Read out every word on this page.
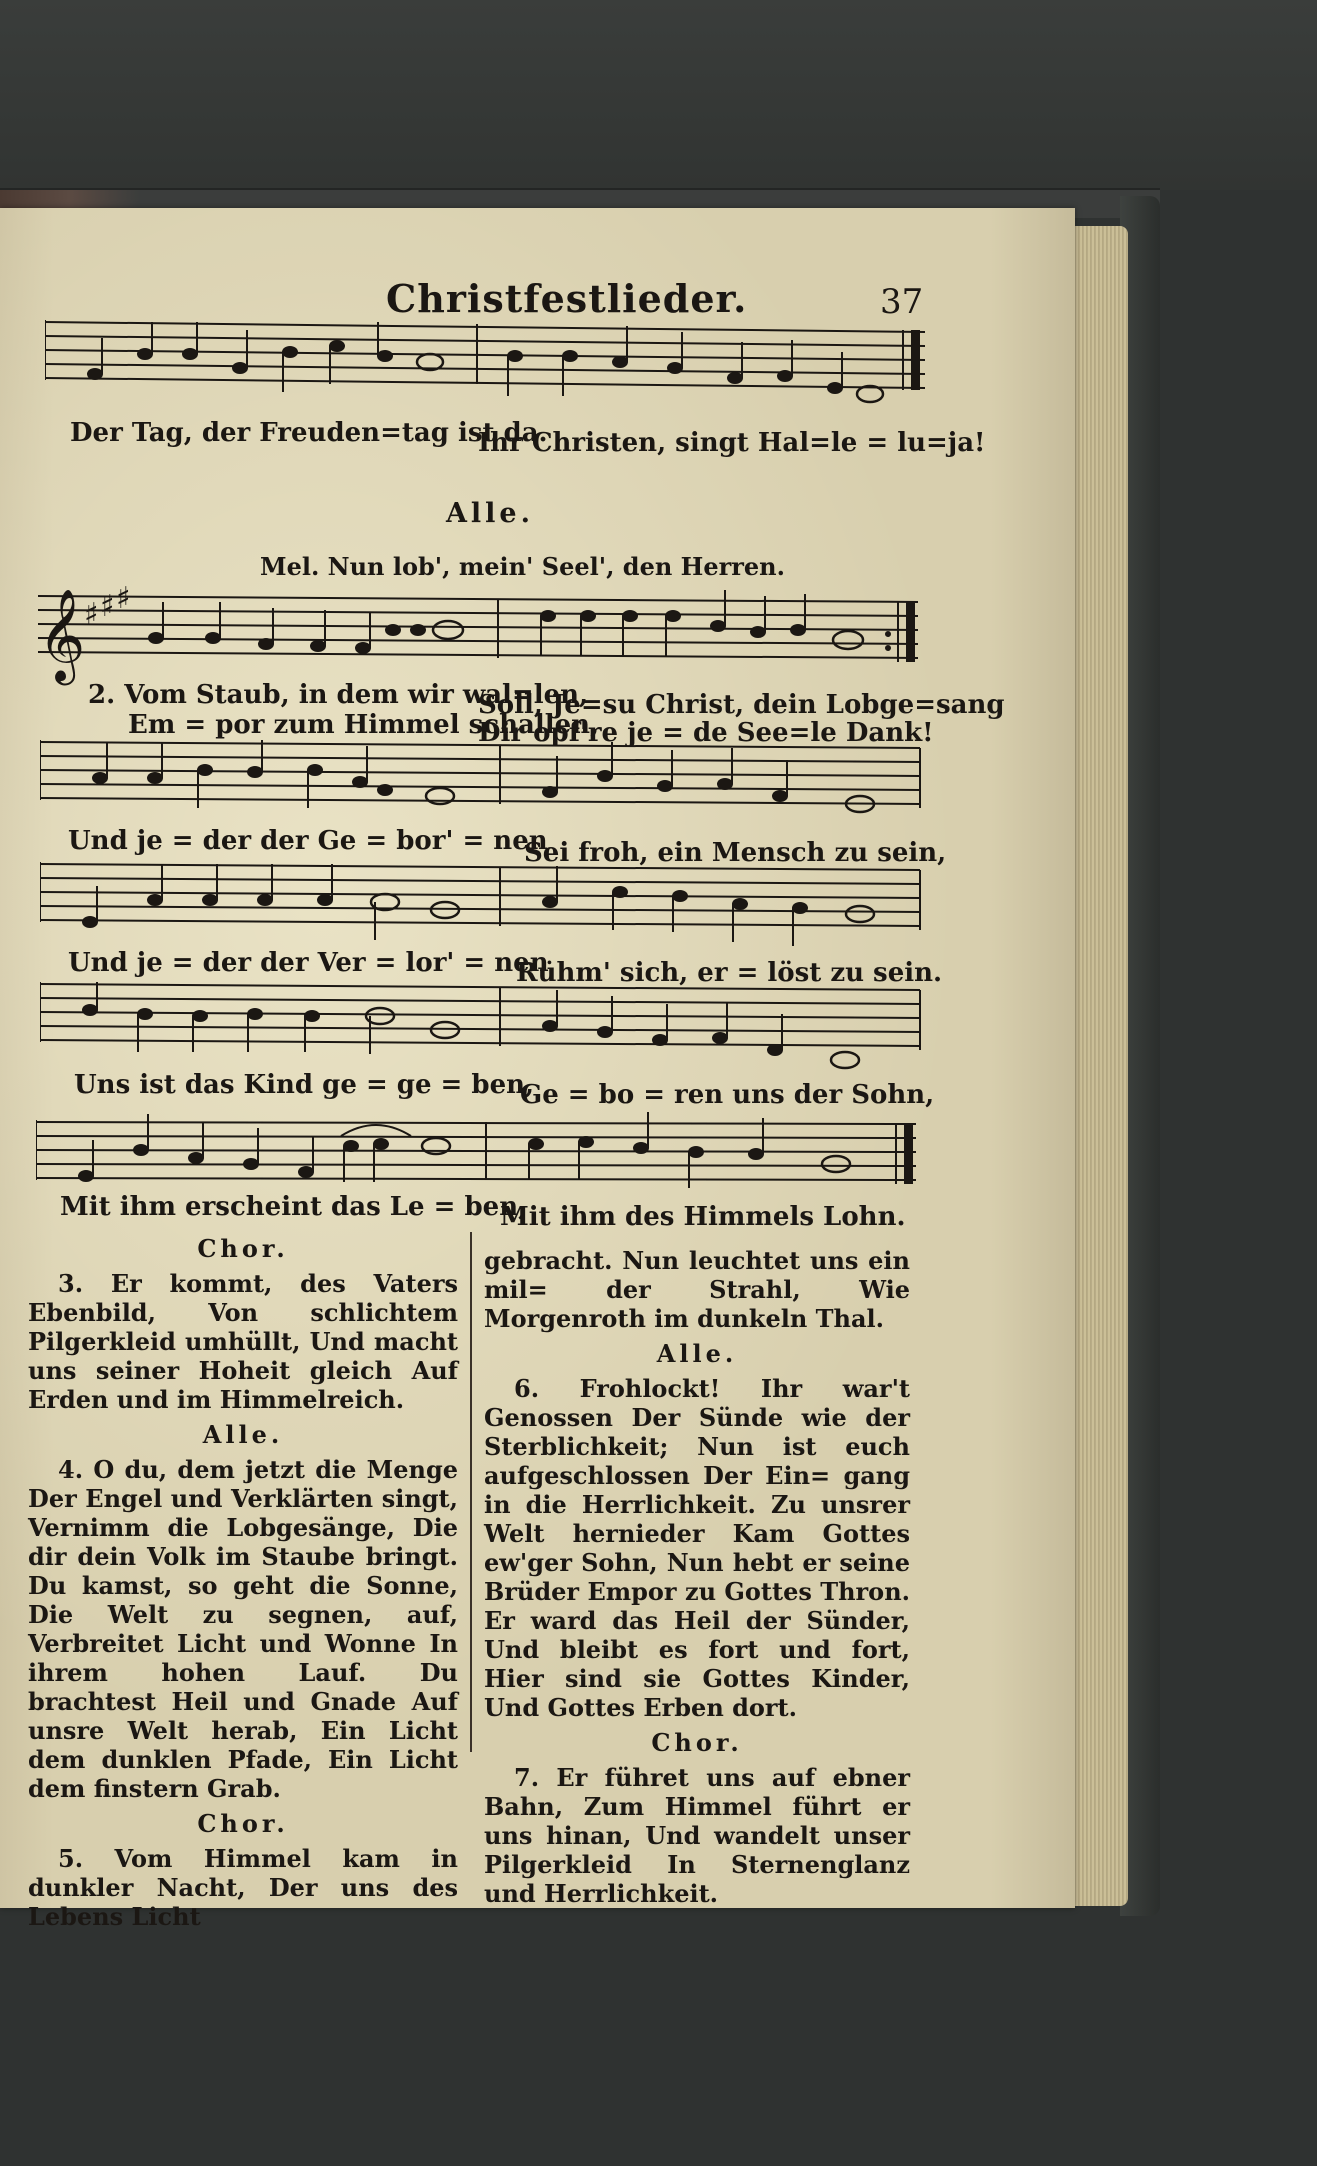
Christfestlieder.	37
Der Tag, der Freuden=tag ist da.
Ihr Christen, singt Hal=le = lu=ja!
Alle.
Mel. Nun lob', mein' Seel', den Herren.
𝄞
♯ ♯ ♯
2. Vom Staub, in dem wir wal=len,
Soll, Je=su Christ, dein Lobge=sang
Em = por zum Himmel schallen,
Dir opf're je = de See=le Dank!
Und je = der der Ge = bor' = nen
Sei froh, ein Mensch zu sein,
Und je = der der Ver = lor' = nen
Rühm' sich, er = löst zu sein.
Uns ist das Kind ge = ge = ben,
Ge = bo = ren uns der Sohn,
Mit ihm erscheint das Le = ben,
Mit ihm des Himmels Lohn.

Chor.

3. Er kommt, des Vaters Ebenbild, Von schlichtem Pilgerkleid umhüllt, Und macht uns seiner Hoheit gleich Auf Erden und im Himmelreich.

Alle.

4. O du, dem jetzt die Menge Der Engel und Verklärten singt, Vernimm die Lobgesänge, Die dir dein Volk im Staube bringt. Du kamst, so geht die Sonne, Die Welt zu segnen, auf, Verbreitet Licht und Wonne In ihrem hohen Lauf. Du brachtest Heil und Gnade Auf unsre Welt herab, Ein Licht dem dunklen Pfade, Ein Licht dem finstern Grab.

Chor.

5. Vom Himmel kam in dunkler Nacht, Der uns des Lebens Licht

gebracht. Nun leuchtet uns ein mil= der Strahl, Wie Morgenroth im dunkeln Thal.

Alle.

6. Frohlockt! Ihr war't Genossen Der Sünde wie der Sterblichkeit; Nun ist euch aufgeschlossen Der Ein= gang in die Herrlichkeit. Zu unsrer Welt hernieder Kam Gottes ew'ger Sohn, Nun hebt er seine Brüder Empor zu Gottes Thron. Er ward das Heil der Sünder, Und bleibt es fort und fort, Hier sind sie Gottes Kinder, Und Gottes Erben dort.

Chor.

7. Er führet uns auf ebner Bahn, Zum Himmel führt er uns hinan, Und wandelt unser Pilgerkleid In Sternenglanz und Herrlichkeit.
